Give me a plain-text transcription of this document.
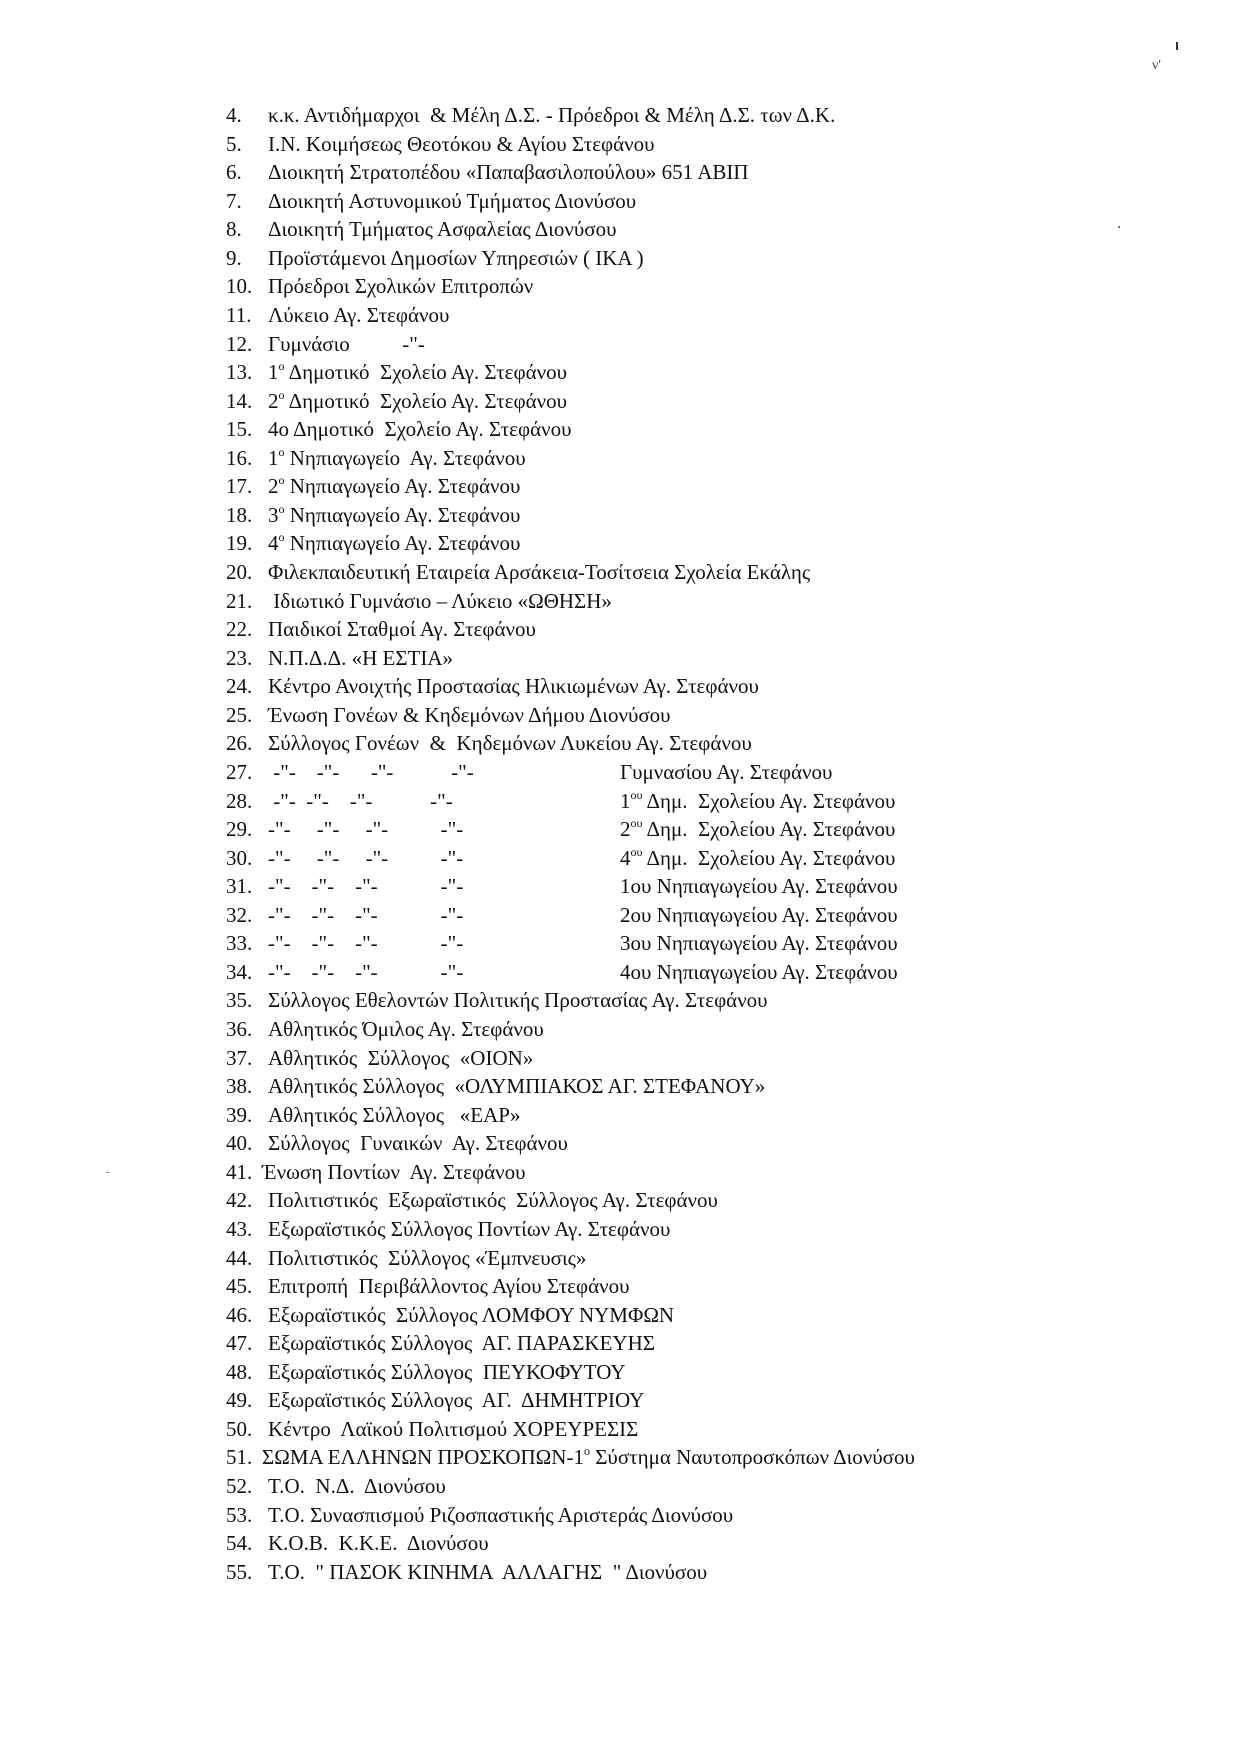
ν'
4. κ.κ. Αντιδήμαρχοι  & Μέλη Δ.Σ. - Πρόεδροι & Μέλη Δ.Σ. των Δ.Κ.
5. Ι.Ν. Κοιμήσεως Θεοτόκου & Αγίου Στεφάνου
6. Διοικητή Στρατοπέδου «Παπαβασιλοπούλου» 651 ΑΒΙΠ
7. Διοικητή Αστυνομικού Τμήματος Διονύσου
8. Διοικητή Τμήματος Ασφαλείας Διονύσου
9. Προϊστάμενοι Δημοσίων Υπηρεσιών ( ΙΚΑ )
10. Πρόεδροι Σχολικών Επιτροπών
11. Λύκειο Αγ. Στεφάνου
12. Γυμνάσιο          -"-
13. $1^o$ Δημοτικό  Σχολείο Αγ. Στεφάνου
14. $2^o$ Δημοτικό  Σχολείο Αγ. Στεφάνου
15. 4ο Δημοτικό  Σχολείο Αγ. Στεφάνου
16. $1^o$ Νηπιαγωγείο  Αγ. Στεφάνου
17. $2^o$ Νηπιαγωγείο Αγ. Στεφάνου
18. $3^o$ Νηπιαγωγείο Αγ. Στεφάνου
19. $4^o$ Νηπιαγωγείο Αγ. Στεφάνου
20. Φιλεκπαιδευτική Εταιρεία Αρσάκεια-Τοσίτσεια Σχολεία Εκάλης
21. Ιδιωτικό Γυμνάσιο – Λύκειο «ΩΘΗΣΗ»
22. Παιδικοί Σταθμοί Αγ. Στεφάνου
23. Ν.Π.Δ.Δ. «Η ΕΣΤΙΑ»
24. Κέντρο Ανοιχτής Προστασίας Ηλικιωμένων Αγ. Στεφάνου
25. Ένωση Γονέων & Κηδεμόνων Δήμου Διονύσου
26. Σύλλογος Γονέων  &  Κηδεμόνων Λυκείου Αγ. Στεφάνου
27. -"-    -"-      -"-           -"-	Γυμνασίου Αγ. Στεφάνου
28. -"-  -"-    -"-           -"-	$1^{o\upsilon}$ Δημ.  Σχολείου Αγ. Στεφάνου
29. -"-     -"-     -"-          -"-	$2^{o\upsilon}$ Δημ.  Σχολείου Αγ. Στεφάνου
30. -"-     -"-     -"-          -"-	$4^{o\upsilon}$ Δημ.  Σχολείου Αγ. Στεφάνου
31. -"-    -"-    -"-            -"-	1ου Νηπιαγωγείου Αγ. Στεφάνου
32. -"-    -"-    -"-            -"-	2ου Νηπιαγωγείου Αγ. Στεφάνου
33. -"-    -"-    -"-            -"-	3ου Νηπιαγωγείου Αγ. Στεφάνου
34. -"-    -"-    -"-            -"-	4ου Νηπιαγωγείου Αγ. Στεφάνου
35. Σύλλογος Εθελοντών Πολιτικής Προστασίας Αγ. Στεφάνου
36. Αθλητικός Όμιλος Αγ. Στεφάνου
37. Αθλητικός  Σύλλογος  «ΟΙΟΝ»
38. Αθλητικός Σύλλογος  «ΟΛΥΜΠΙΑΚΟΣ ΑΓ. ΣΤΕΦΑΝΟΥ»
39. Αθλητικός Σύλλογος   «ΕΑΡ»
40. Σύλλογος  Γυναικών  Αγ. Στεφάνου
41. Ένωση Ποντίων  Αγ. Στεφάνου
42. Πολιτιστικός  Εξωραϊστικός  Σύλλογος Αγ. Στεφάνου
43. Εξωραϊστικός Σύλλογος Ποντίων Αγ. Στεφάνου
44. Πολιτιστικός  Σύλλογος «Έμπνευσις»
45. Επιτροπή  Περιβάλλοντος Αγίου Στεφάνου
46. Εξωραϊστικός  Σύλλογος ΛΟΜΦΟΥ ΝΥΜΦΩΝ
47. Εξωραϊστικός Σύλλογος  ΑΓ. ΠΑΡΑΣΚΕΥΗΣ
48. Εξωραϊστικός Σύλλογος  ΠΕΥΚΟΦΥΤΟΥ
49. Εξωραϊστικός Σύλλογος  ΑΓ.  ΔΗΜΗΤΡΙΟΥ
50. Κέντρο  Λαϊκού Πολιτισμού ΧΟΡΕΥΡΕΣΙΣ
51. ΣΩΜΑ ΕΛΛΗΝΩΝ ΠΡΟΣΚΟΠΩΝ-$1^o$ Σύστημα Ναυτοπροσκόπων Διονύσου
52. Τ.Ο.  Ν.Δ.  Διονύσου
53. Τ.Ο. Συνασπισμού Ριζοσπαστικής Αριστεράς Διονύσου
54. Κ.Ο.Β.  Κ.Κ.Ε.  Διονύσου
55. Τ.Ο.  " ΠΑΣΟΚ ΚΙΝΗΜΑ  ΑΛΛΑΓΗΣ  " Διονύσου
